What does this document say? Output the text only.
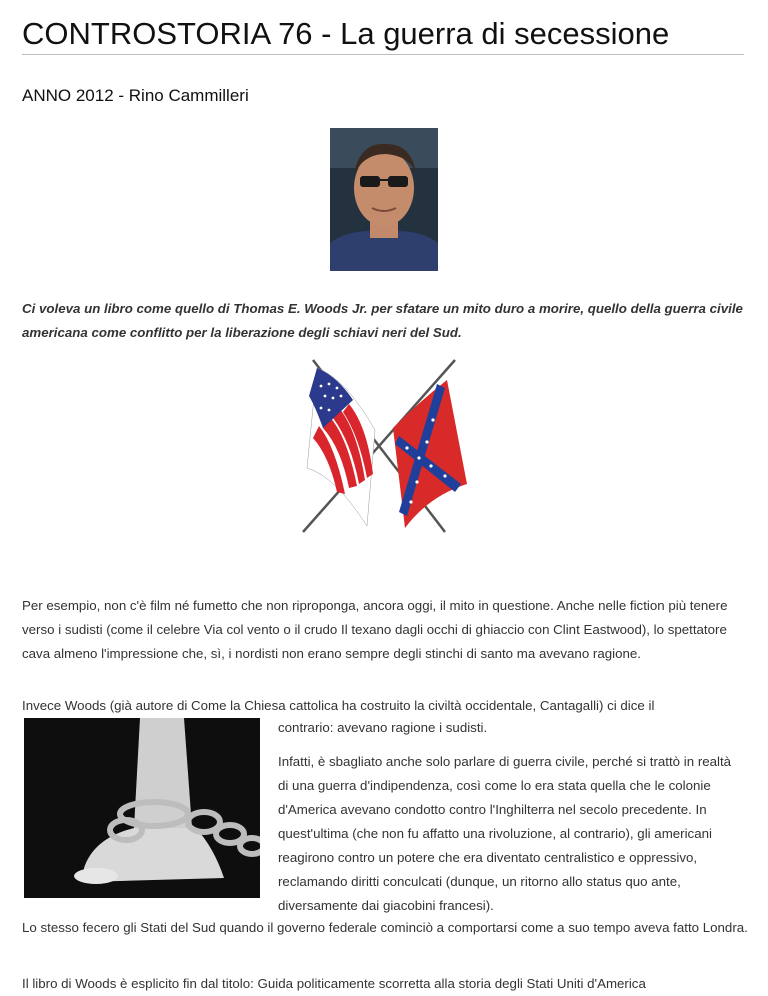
CONTROSTORIA 76 - La guerra di secessione
ANNO 2012 - Rino Cammilleri
Ci voleva un libro come quello di Thomas E. Woods Jr. per sfatare un mito duro a morire, quello della guerra civile americana come conflitto per la liberazione degli schiavi neri del Sud.
Per esempio, non c'è film né fumetto che non riproponga, ancora oggi, il mito in questione. Anche nelle fiction più tenere verso i sudisti (come il celebre Via col vento o il crudo Il texano dagli occhi di ghiaccio con Clint Eastwood), lo spettatore cava almeno l'impressione che, sì, i nordisti non erano sempre degli stinchi di santo ma avevano ragione.
Invece Woods (già autore di Come la Chiesa cattolica ha costruito la civiltà occidentale, Cantagalli) ci dice il
contrario: avevano ragione i sudisti.
Infatti, è sbagliato anche solo parlare di guerra civile, perché si trattò in realtà di una guerra d'indipendenza, così come lo era stata quella che le colonie d'America avevano condotto contro l'Inghilterra nel secolo precedente. In quest'ultima (che non fu affatto una rivoluzione, al contrario), gli americani reagirono contro un potere che era diventato centralistico e oppressivo, reclamando diritti conculcati (dunque, un ritorno allo status quo ante, diversamente dai giacobini francesi).
Lo stesso fecero gli Stati del Sud quando il governo federale cominciò a comportarsi come a suo tempo aveva fatto Londra.
Il libro di Woods è esplicito fin dal titolo: Guida politicamente scorretta alla storia degli Stati Uniti d'America
